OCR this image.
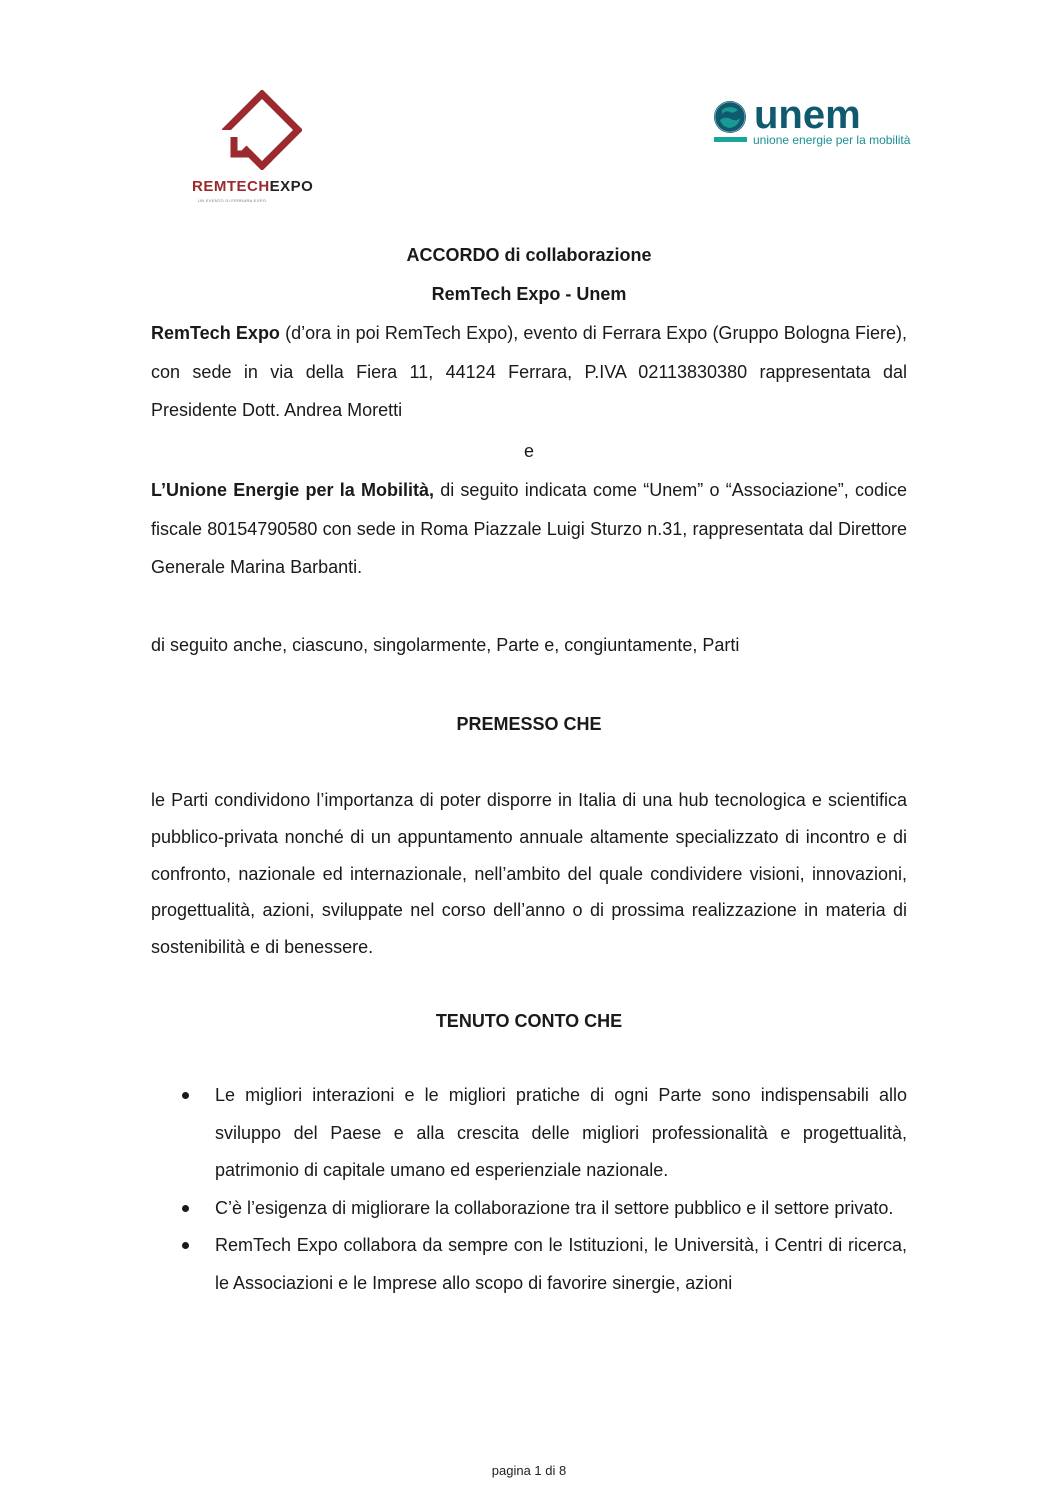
REMTECHEXPO
UN EVENTO DI FERRARA EXPO
unem
unione energie per la mobilità

ACCORDO di collaborazione

RemTech Expo - Unem

RemTech Expo (d’ora in poi RemTech Expo), evento di Ferrara Expo (Gruppo Bologna Fiere), con sede in via della Fiera 11, 44124 Ferrara, P.IVA 02113830380 rappresentata dal Presidente Dott. Andrea Moretti

e

L’Unione Energie per la Mobilità, di seguito indicata come “Unem” o “Associazione”, codice fiscale 80154790580 con sede in Roma Piazzale Luigi Sturzo n.31, rappresentata dal Direttore Generale Marina Barbanti.

di seguito anche, ciascuno, singolarmente, Parte e, congiuntamente, Parti

PREMESSO CHE

le Parti condividono l’importanza di poter disporre in Italia di una hub tecnologica e scientifica pubblico-privata nonché di un appuntamento annuale altamente specializzato di incontro e di confronto, nazionale ed internazionale, nell’ambito del quale condividere visioni, innovazioni, progettualità, azioni, sviluppate nel corso dell’anno o di prossima realizzazione in materia di sostenibilità e di benessere.

TENUTO CONTO CHE

Le migliori interazioni e le migliori pratiche di ogni Parte sono indispensabili allo sviluppo del Paese e alla crescita delle migliori professionalità e progettualità, patrimonio di capitale umano ed esperienziale nazionale.
C’è l’esigenza di migliorare la collaborazione tra il settore pubblico e il settore privato.
RemTech Expo collabora da sempre con le Istituzioni, le Università, i Centri di ricerca, le Associazioni e le Imprese allo scopo di favorire sinergie, azioni
pagina 1 di 8
